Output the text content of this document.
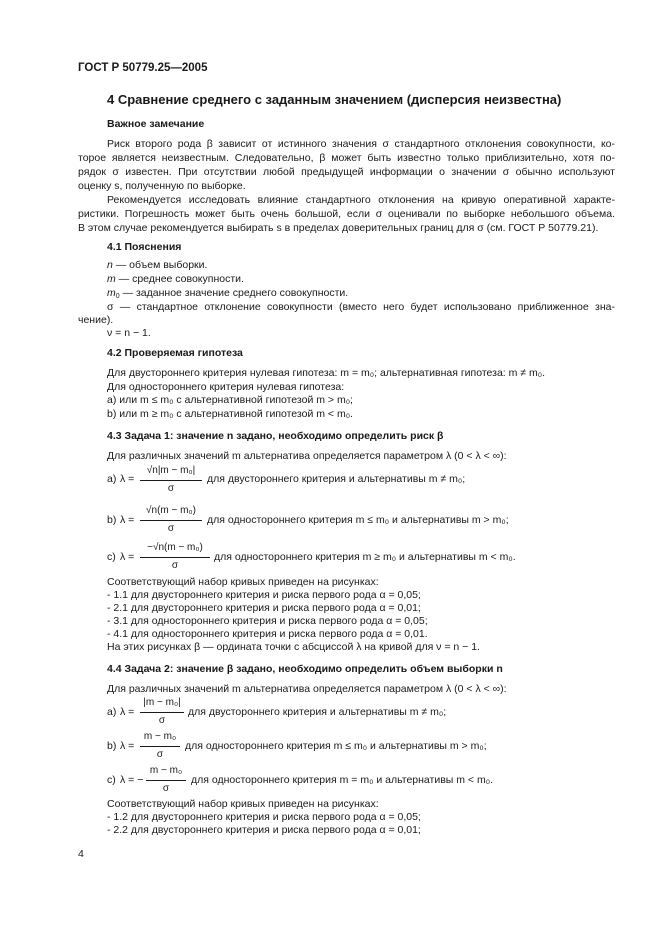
ГОСТ Р 50779.25—2005
4 Сравнение среднего с заданным значением (дисперсия неизвестна)
Важное замечание
Риск второго рода β зависит от истинного значения σ стандартного отклонения совокупности, ко-
торое является неизвестным. Следовательно, β может быть известно только приблизительно, хотя по-
рядок σ известен. При отсутствии любой предыдущей информации о значении σ обычно используют
оценку s, полученную по выборке.
Рекомендуется исследовать влияние стандартного отклонения на кривую оперативной характе-
ристики. Погрешность может быть очень большой, если σ оценивали по выборке небольшого объема.
В этом случае рекомендуется выбирать s в пределах доверительных границ для σ (см. ГОСТ Р 50779.21).
4.1 Пояснения
n — объем выборки.
m — среднее совокупности.
$m_0$ — заданное значение среднего совокупности.
σ — стандартное отклонение совокупности (вместо него будет использовано приближенное зна-
чение).
ν = n − 1.
4.2 Проверяемая гипотеза
Для двустороннего критерия нулевая гипотеза: m = m₀; альтернативная гипотеза: m ≠ m₀.
Для одностороннего критерия нулевая гипотеза:
а) или m ≤ m₀ с альтернативной гипотезой m > m₀;
b) или m ≥ m₀ с альтернативной гипотезой m < m₀.
4.3 Задача 1: значение n задано, необходимо определить риск β
Для различных значений m альтернатива определяется параметром λ (0 < λ < ∞):
a) λ =
√n|m − m₀|
σ
для двустороннего критерия и альтернативы m ≠ m₀;
b) λ =
√n(m − m₀)
σ
для одностороннего критерия m ≤ m₀ и альтернативы m > m₀;
c) λ =
−√n(m − m₀)
σ
для одностороннего критерия m ≥ m₀ и альтернативы m < m₀.
Соответствующий набор кривых приведен на рисунках:
- 1.1 для двустороннего критерия и риска первого рода α = 0,05;
- 2.1 для двустороннего критерия и риска первого рода α = 0,01;
- 3.1 для одностороннего критерия и риска первого рода α = 0,05;
- 4.1 для одностороннего критерия и риска первого рода α = 0,01.
На этих рисунках β — ордината точки с абсциссой λ на кривой для ν = n − 1.
4.4 Задача 2: значение β задано, необходимо определить объем выборки n
Для различных значений m альтернатива определяется параметром λ (0 < λ < ∞):
a) λ =
|m − m₀|
σ
для двустороннего критерия и альтернативы m ≠ m₀;
b) λ =
m − m₀
σ
для одностороннего критерия m ≤ m₀ и альтернативы m > m₀;
c) λ = −
m − m₀
σ
для одностороннего критерия m = m₀ и альтернативы m < m₀.
Соответствующий набор кривых приведен на рисунках:
- 1.2 для двустороннего критерия и риска первого рода α = 0,05;
- 2.2 для двустороннего критерия и риска первого рода α = 0,01;
4
